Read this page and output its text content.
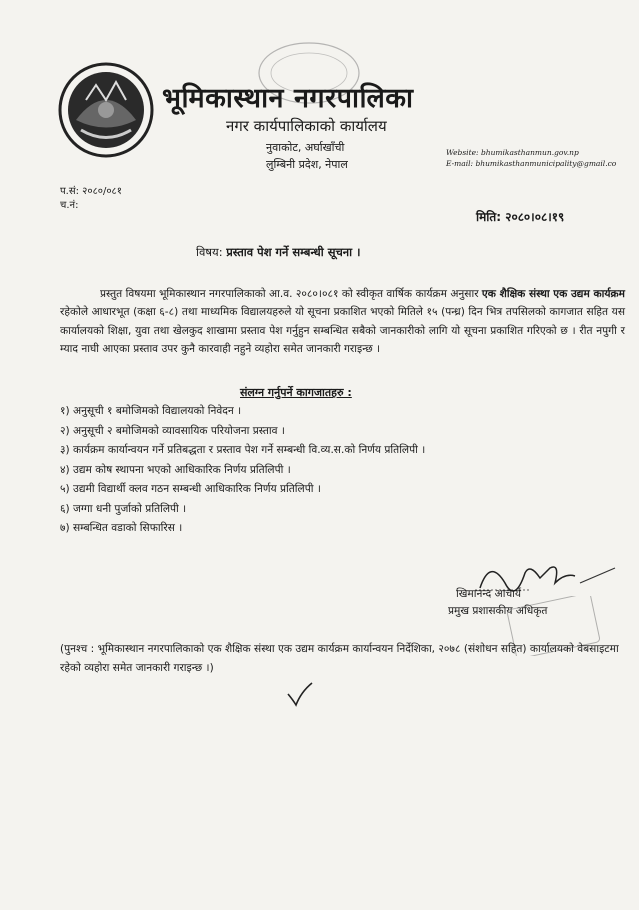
भूमिकास्थान नगरपालिका
नगर कार्यपालिकाको कार्यालय
नुवाकोट, अर्घाखाँची
लुम्बिनी प्रदेश, नेपाल
Website: bhumikasthanmun.gov.np
E-mail: bhumikasthanmunicipality@gmail.co
प.सं: २०८०/०८१
च.नं:
मिति: २०८०।०८।१९
विषय: प्रस्ताव पेश गर्ने सम्बन्धी सूचना ।
प्रस्तुत विषयमा भूमिकास्थान नगरपालिकाको आ.व. २०८०।०८१ को स्वीकृत वार्षिक कार्यक्रम अनुसार एक शैक्षिक संस्था एक उद्यम कार्यक्रम रहेकोले आधारभूत (कक्षा ६-८) तथा माध्यमिक विद्यालयहरुले यो सूचना प्रकाशित भएको मितिले १५ (पन्ध्र) दिन भित्र तपसिलको कागजात सहित यस कार्यालयको शिक्षा, युवा तथा खेलकुद शाखामा प्रस्ताव पेश गर्नुहुन सम्बन्धित सबैको जानकारीको लागि यो सूचना प्रकाशित गरिएको छ । रीत नपुगी र म्याद नाघी आएका प्रस्ताव उपर कुनै कारवाही नहुने व्यहोरा समेत जानकारी गराइन्छ ।
संलग्न गर्नुपर्ने कागजातहरु :
१) अनुसूची १ बमोजिमको विद्यालयको निवेदन ।
२) अनुसूची २ बमोजिमको व्यावसायिक परियोजना प्रस्ताव ।
३) कार्यक्रम कार्यान्वयन गर्ने प्रतिबद्धता र प्रस्ताव पेश गर्ने सम्बन्धी वि.व्य.स.को निर्णय प्रतिलिपी ।
४) उद्यम कोष स्थापना भएको आधिकारिक निर्णय प्रतिलिपी ।
५) उद्यमी विद्यार्थी क्लव गठन सम्बन्धी आधिकारिक निर्णय प्रतिलिपी ।
६) जग्गा धनी पुर्जाको प्रतिलिपी ।
७) सम्बन्धित वडाको सिफारिस ।
खिमानन्द आचार्य
प्रमुख प्रशासकीय अधिकृत
(पुनश्च : भूमिकास्थान नगरपालिकाको एक शैक्षिक संस्था एक उद्यम कार्यक्रम कार्यान्वयन निर्देशिका, २०७८ (संशोधन सहित) कार्यालयको वेबसाइटमा रहेको व्यहोरा समेत जानकारी गराइन्छ ।)
